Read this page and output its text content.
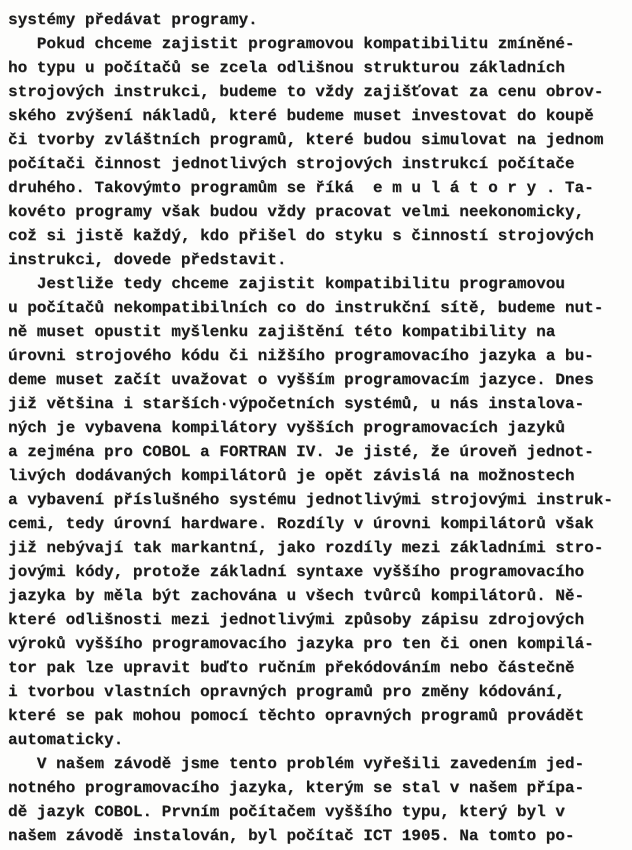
systémy předávat programy.
Pokud chceme zajistit programovou kompatibilitu zmíněné-
ho typu u počítačů se zcela odlišnou strukturou základních
strojových instrukci, budeme to vždy zajišťovat za cenu obrov-
ského zvýšení nákladů, které budeme muset investovat do koupě
či tvorby zvláštních programů, které budou simulovat na jednom
počítači činnost jednotlivých strojových instrukcí počítače
druhého. Takovýmto programům se říká  e m u l á t o r y . Ta-
kovéto programy však budou vždy pracovat velmi neekonomicky,
což si jistě každý, kdo přišel do styku s činností strojových
instrukci, dovede představit.
Jestliže tedy chceme zajistit kompatibilitu programovou
u počítačů nekompatibilních co do instrukční sítě, budeme nut-
ně muset opustit myšlenku zajištění této kompatibility na
úrovni strojového kódu či nižšího programovacího jazyka a bu-
deme muset začít uvažovat o vyšším programovacím jazyce. Dnes
již většina i starších·výpočetních systémů, u nás instalova-
ných je vybavena kompilátory vyšších programovacích jazyků
a zejména pro COBOL a FORTRAN IV. Je jisté, že úroveň jednot-
livých dodávaných kompilátorů je opět závislá na možnostech
a vybavení příslušného systému jednotlivými strojovými instruk-
cemi, tedy úrovní hardware. Rozdíly v úrovni kompilátorů však
již nebývají tak markantní, jako rozdíly mezi základními stro-
jovými kódy, protože základní syntaxe vyššího programovacího
jazyka by měla být zachována u všech tvůrců kompilátorů. Ně-
které odlišnosti mezi jednotlivými způsoby zápisu zdrojových
výroků vyššího programovacího jazyka pro ten či onen kompilá-
tor pak lze upravit buďto ručním překódováním nebo částečně
i tvorbou vlastních opravných programů pro změny kódování,
které se pak mohou pomocí těchto opravných programů provádět
automaticky.
V našem závodě jsme tento problém vyřešili zavedením jed-
notného programovacího jazyka, kterým se stal v našem přípa-
dě jazyk COBOL. Prvním počítačem vyššího typu, který byl v
našem závodě instalován, byl počítač ICT 1905. Na tomto po-
